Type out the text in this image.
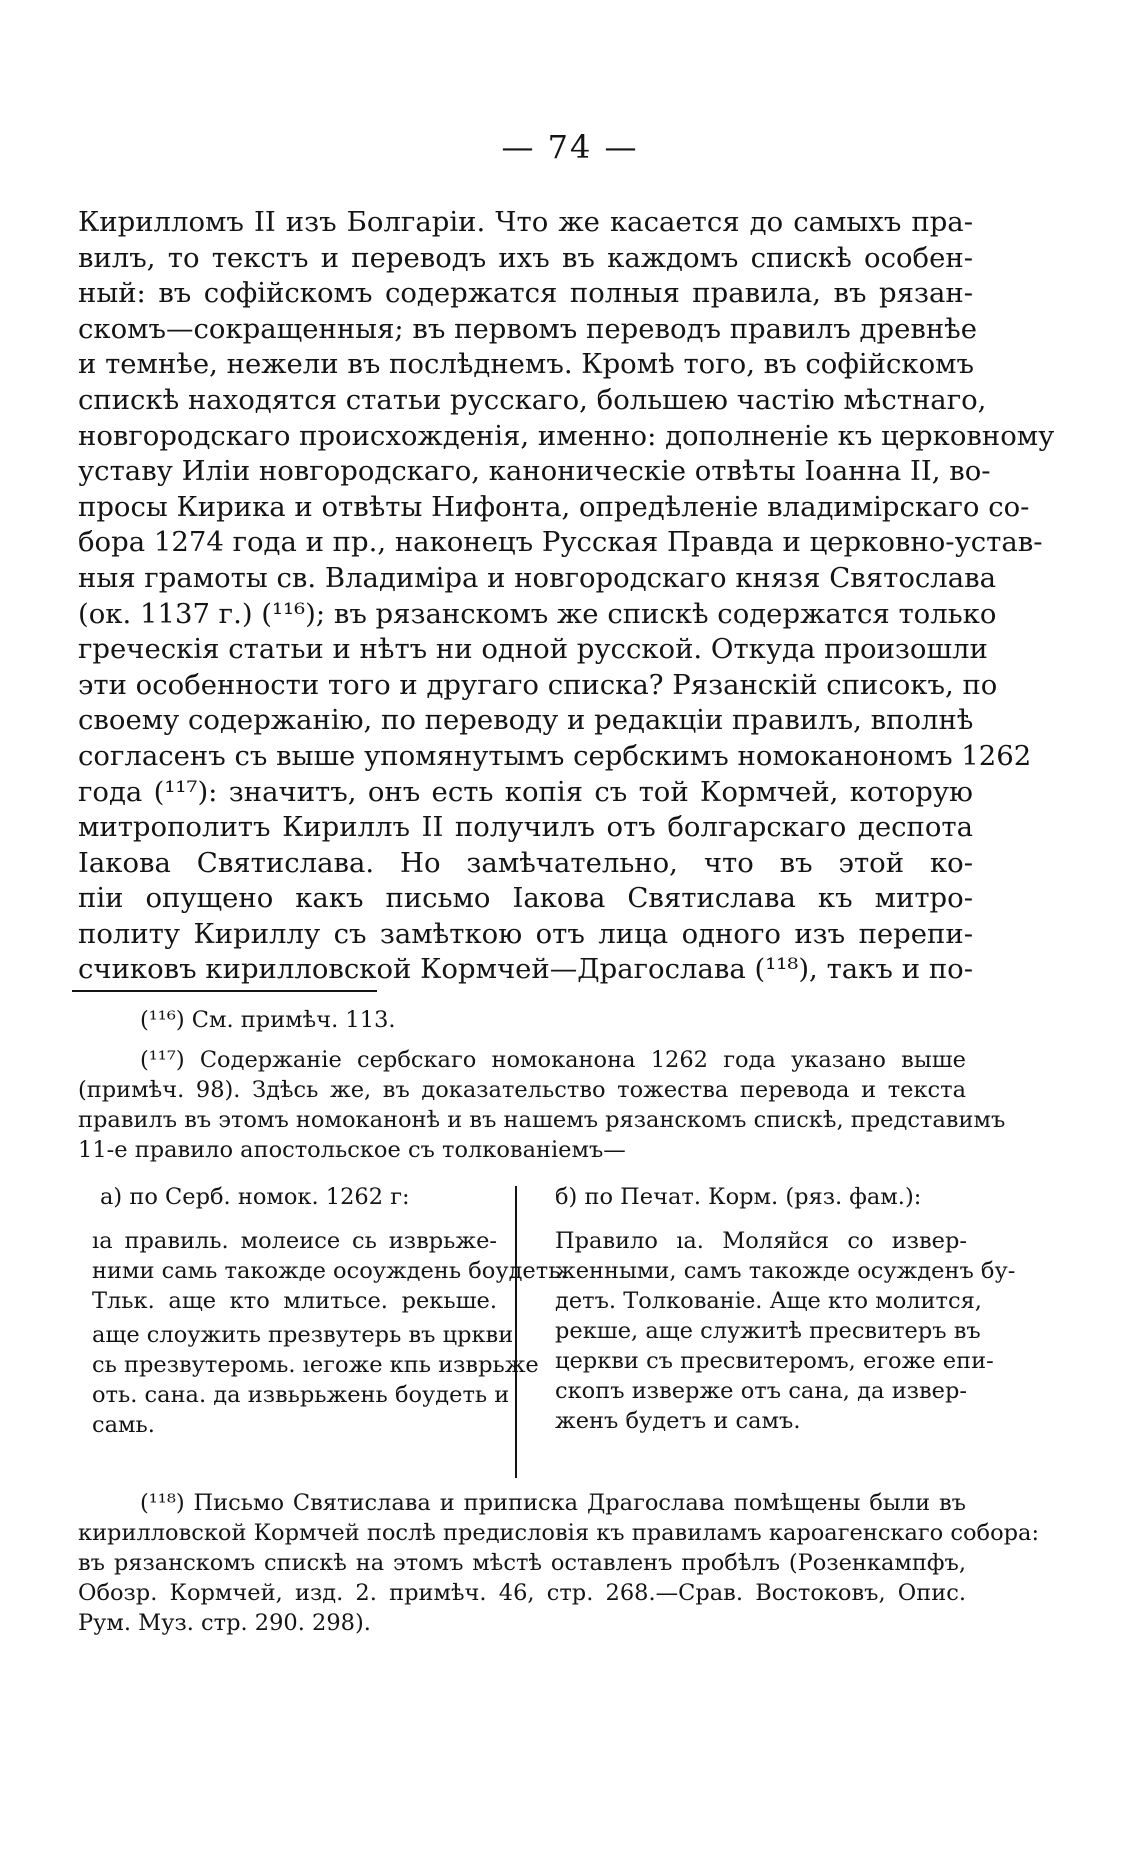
— 74 —
Кирилломъ II изъ Болгаріи. Что же касается до самыхъ пра-
вилъ, то текстъ и переводъ ихъ въ каждомъ спискѣ особен-
ный: въ софійскомъ содержатся полныя правила, въ рязан-
скомъ—сокращенныя; въ первомъ переводъ правилъ древнѣе
и темнѣе, нежели въ послѣднемъ. Кромѣ того, въ софійскомъ
спискѣ находятся статьи русскаго, большею частію мѣстнаго,
новгородскаго происхожденія, именно: дополненіе къ церковному
уставу Иліи новгородскаго, каноническіе отвѣты Іоанна II, во-
просы Кирика и отвѣты Нифонта, опредѣленіе владимірскаго со-
бора 1274 года и пр., наконецъ Русская Правда и церковно-устав-
ныя грамоты св. Владиміра и новгородскаго князя Святослава
(ок. 1137 г.) (¹¹⁶); въ рязанскомъ же спискѣ содержатся только
греческія статьи и нѣтъ ни одной русской. Откуда произошли
эти особенности того и другаго списка? Рязанскій списокъ, по
своему содержанію, по переводу и редакціи правилъ, вполнѣ
согласенъ съ выше упомянутымъ сербскимъ номоканономъ 1262
года (¹¹⁷): значитъ, онъ есть копія съ той Кормчей, которую
митрополитъ Кириллъ II получилъ отъ болгарскаго деспота
Іакова Святислава. Но замѣчательно, что въ этой ко-
піи опущено какъ письмо Іакова Святислава къ митро-
политу Кириллу съ замѣткою отъ лица одного изъ перепи-
счиковъ кирилловской Кормчей—Драгослава (¹¹⁸), такъ и по-
(¹¹⁶) См. примѣч. 113.
(¹¹⁷) Содержаніе сербскаго номоканона 1262 года указано выше
(примѣч. 98). Здѣсь же, въ доказательство тожества перевода и текста
правилъ въ этомъ номоканонѣ и въ нашемъ рязанскомъ спискѣ, представимъ
11-е правило апостольское съ толкованіемъ—
а) по Серб. номок. 1262 г:
ıа правиль. молеисе сь изврьже-
ними самь такожде осоуждень боудеть.
Тльк. аще кто млитьсе. рекьше.
аще слоужить презвутерь въ цркви
сь презвутеромь. ıегоже кпь изврьже
оть. сана. да извьрьжень боудеть и
самь.
б) по Печат. Корм. (ряз. фам.):
Правило ıа. Моляйся со извер-
женными, самъ такожде осужденъ бу-
детъ. Толкованіе. Аще кто молится,
рекше, аще служитѣ пресвитеръ въ
церкви съ пресвитеромъ, егоже епи-
скопъ изверже отъ сана, да извер-
женъ будетъ и самъ.
(¹¹⁸) Письмо Святислава и приписка Драгослава помѣщены были въ
кирилловской Кормчей послѣ предисловія къ правиламъ кароагенскаго собора:
въ рязанскомъ спискѣ на этомъ мѣстѣ оставленъ пробѣлъ (Розенкампфъ,
Обозр. Кормчей, изд. 2. примѣч. 46, стр. 268.—Срав. Востоковъ, Опис.
Рум. Муз. стр. 290. 298).
